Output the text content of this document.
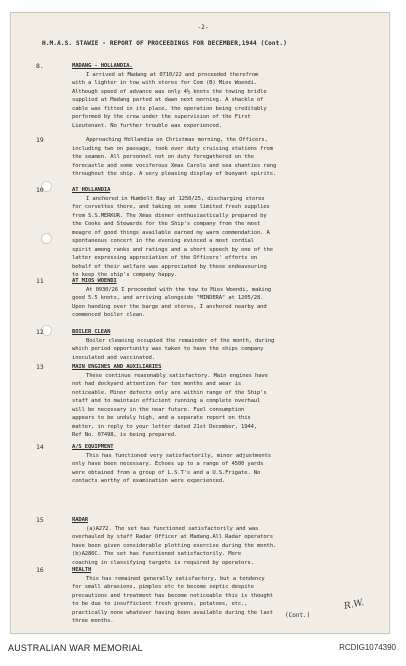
-2-
H.M.A.S. STAWIE - REPORT OF PROCEEDINGS FOR DECEMBER,1944 (Cont.)
8.	MADANG - HOLLANDIA.
I arrived at Madang at 0710/22 and proceeded therefrom
with a lighter in tow with stores for Com (B) Mios Woendi.
Although speed of advance was only 4½ knots the towing bridle
supplied at Madang parted at dawn next morning. A shackle of
cable was fitted in its place, the operation being creditably
performed by the crew under the supervision of the First
Lieutenant. No further trouble was experienced.
19	Approaching Hollandia on Christmas morning, the Officers,
including two on passage, took over duty cruising stations from
the seamen. All personnel not on duty foregathered on the
forecastle and some vociferous Xmas Carols and sea shanties rang
throughout the ship. A very pleasing display of buoyant spirits.
10	AT HOLLANDIA
I anchored in Humbolt Bay at 1250/25, discharging stores
for corvettes there, and taking on some limited fresh supplies
from S.S.MERKUR. The Xmas dinner enthusiastically prepared by
the Cooks and Stewards for the Ship's company from the most
meagre of good things available earned my warm commendation. A
spontaneous concert in the evening evinced a most cordial
spirit among ranks and ratings and a short speech by one of the
latter expressing appreciation of the Officers' efforts on
behalf of their welfare was appreciated by those endeavouring
to keep the ship's company happy.
11	AT MIOS WOENDI
At 0930/26 I proceeded with the tow to Mios Woendi, making
good 5.5 knots, and arriving alongside "MINDERA" at 1205/28.
Upon handing over the barge and stores, I anchored nearby and
commenced boiler clean.
12	BOILER CLEAN
Boiler cleaning occupied the remainder of the month, during
which period opportunity was taken to have the ships company
inoculated and vaccinated.
13	MAIN ENGINES AND AUXILIARIES
These continue reasonably satisfactory. Main engines have
not had dockyard attention for ten months and wear is
noticeable. Minor defects only are within range of the Ship's
staff and to maintain efficient running a complete overhaul
will be necessary in the near future. Fuel consumption
appears to be unduly high, and a separate report on this
matter, in reply to your letter dated 21st December, 1944,
Ref No. 07498, is being prepared.
14	A/S EQUIPMENT
This has functioned very satisfactorily, minor adjustments
only have been necessary. Echoes up to a range of 4500 yards
were obtained from a group of L.S.T's and a U.S.Frigate. No
contacts worthy of examination were experienced.
15	RADAR
(a)A272. The set has functioned satisfactorily and was
overhauled by staff Radar Officer at Madang.All Radar operators
have been given considerable plotting exercise during the month.
(b)A286C. The set has functioned satisfactorily. More
coaching in classifying targets is required by operators.
16	HEALTH
This has remained generally satisfactory, but a tendency
for small abrasions, pimples etc to become septic despite
precautions and treatment has become noticeable this is thought
to be due to insufficient fresh greens, potatoes, etc.,
practically none whatever having been available during the last
three months.
(Cont.)
R.W.
AUSTRALIAN WAR MEMORIAL	RCDIG1074390
